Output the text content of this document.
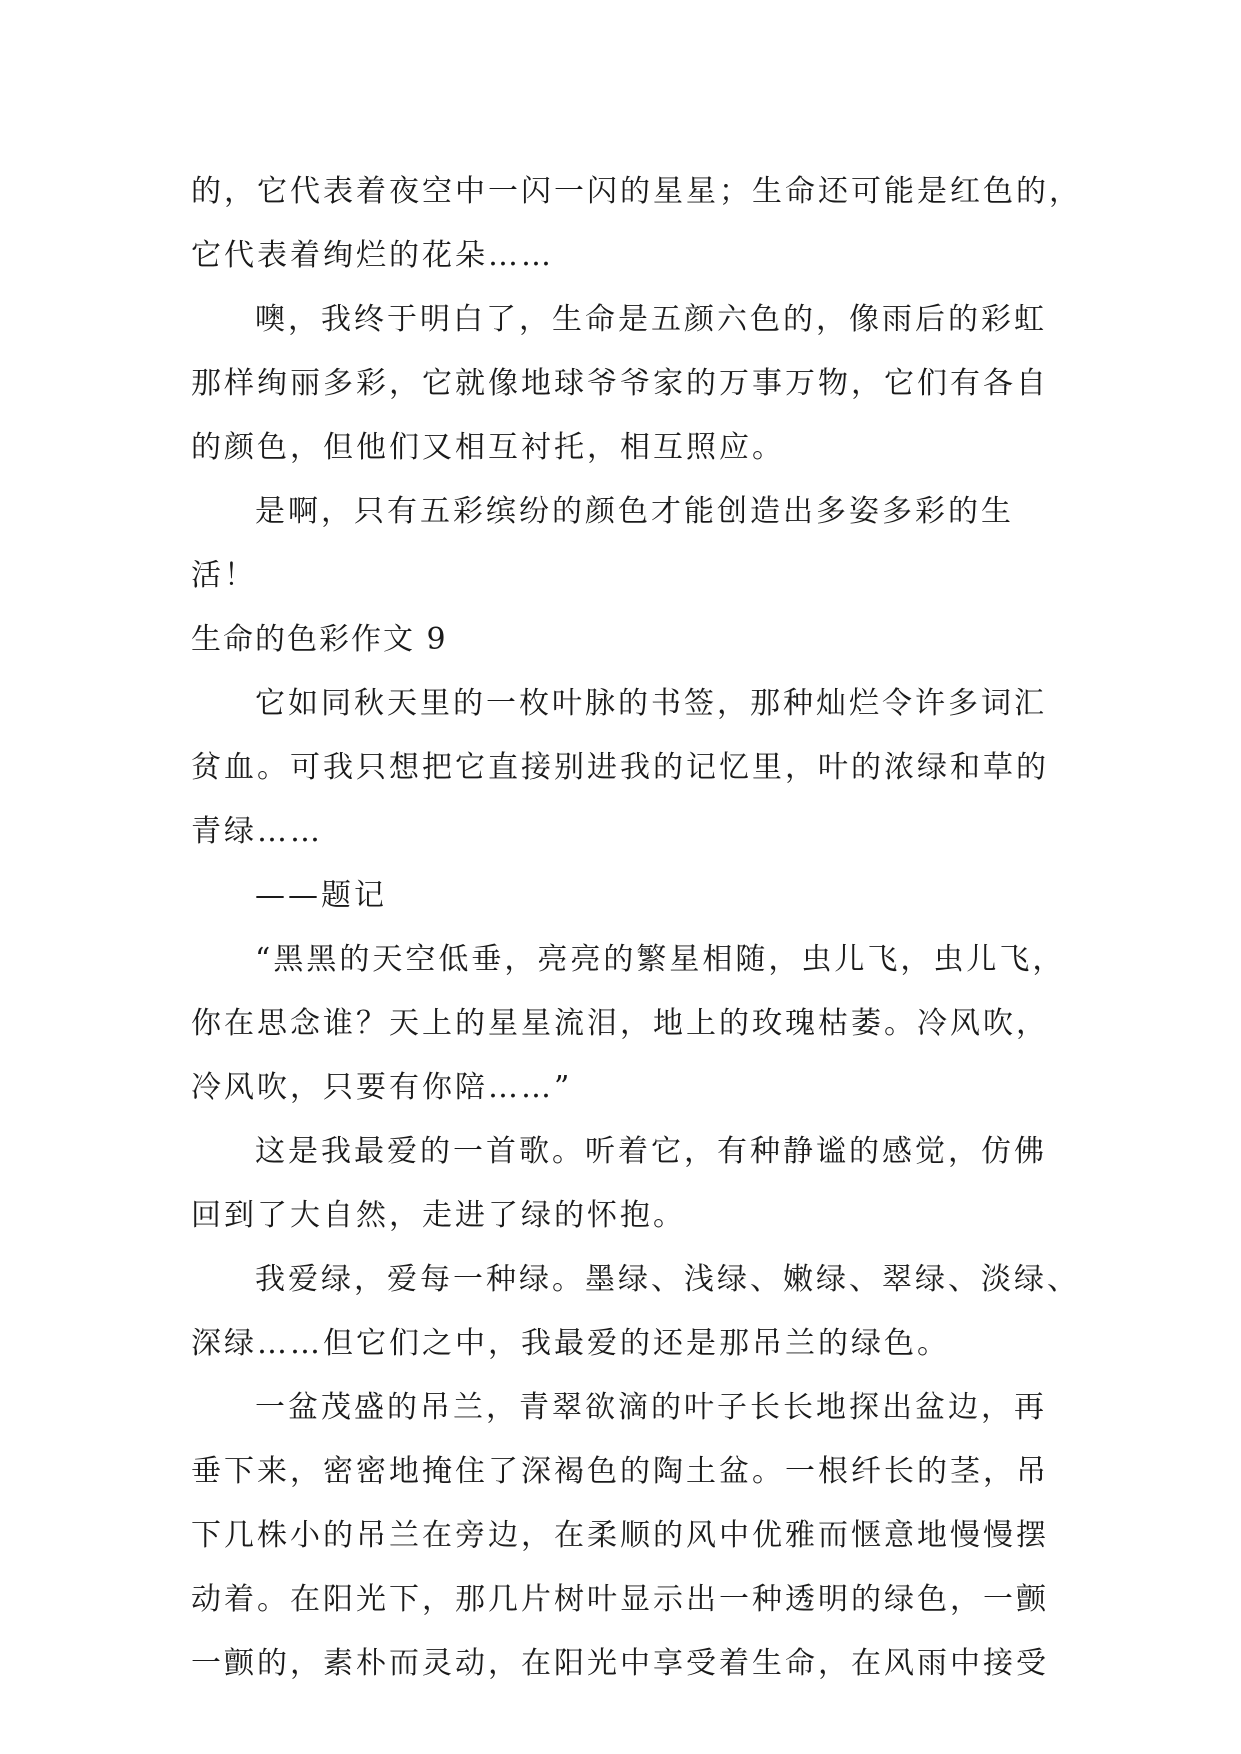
的，它代表着夜空中一闪一闪的星星；生命还可能是红色的，
它代表着绚烂的花朵……
噢，我终于明白了，生命是五颜六色的，像雨后的彩虹
那样绚丽多彩，它就像地球爷爷家的万事万物，它们有各自
的颜色，但他们又相互衬托，相互照应。
是啊，只有五彩缤纷的颜色才能创造出多姿多彩的生
活！
生命的色彩作文 9
它如同秋天里的一枚叶脉的书签，那种灿烂令许多词汇
贫血。可我只想把它直接别进我的记忆里，叶的浓绿和草的
青绿……
——题记
“黑黑的天空低垂，亮亮的繁星相随，虫儿飞，虫儿飞，
你在思念谁？天上的星星流泪，地上的玫瑰枯萎。冷风吹，
冷风吹，只要有你陪……”
这是我最爱的一首歌。听着它，有种静谧的感觉，仿佛
回到了大自然，走进了绿的怀抱。
我爱绿，爱每一种绿。墨绿、浅绿、嫩绿、翠绿、淡绿、
深绿……但它们之中，我最爱的还是那吊兰的绿色。
一盆茂盛的吊兰，青翠欲滴的叶子长长地探出盆边，再
垂下来，密密地掩住了深褐色的陶土盆。一根纤长的茎，吊
下几株小的吊兰在旁边，在柔顺的风中优雅而惬意地慢慢摆
动着。在阳光下，那几片树叶显示出一种透明的绿色，一颤
一颤的，素朴而灵动，在阳光中享受着生命，在风雨中接受
